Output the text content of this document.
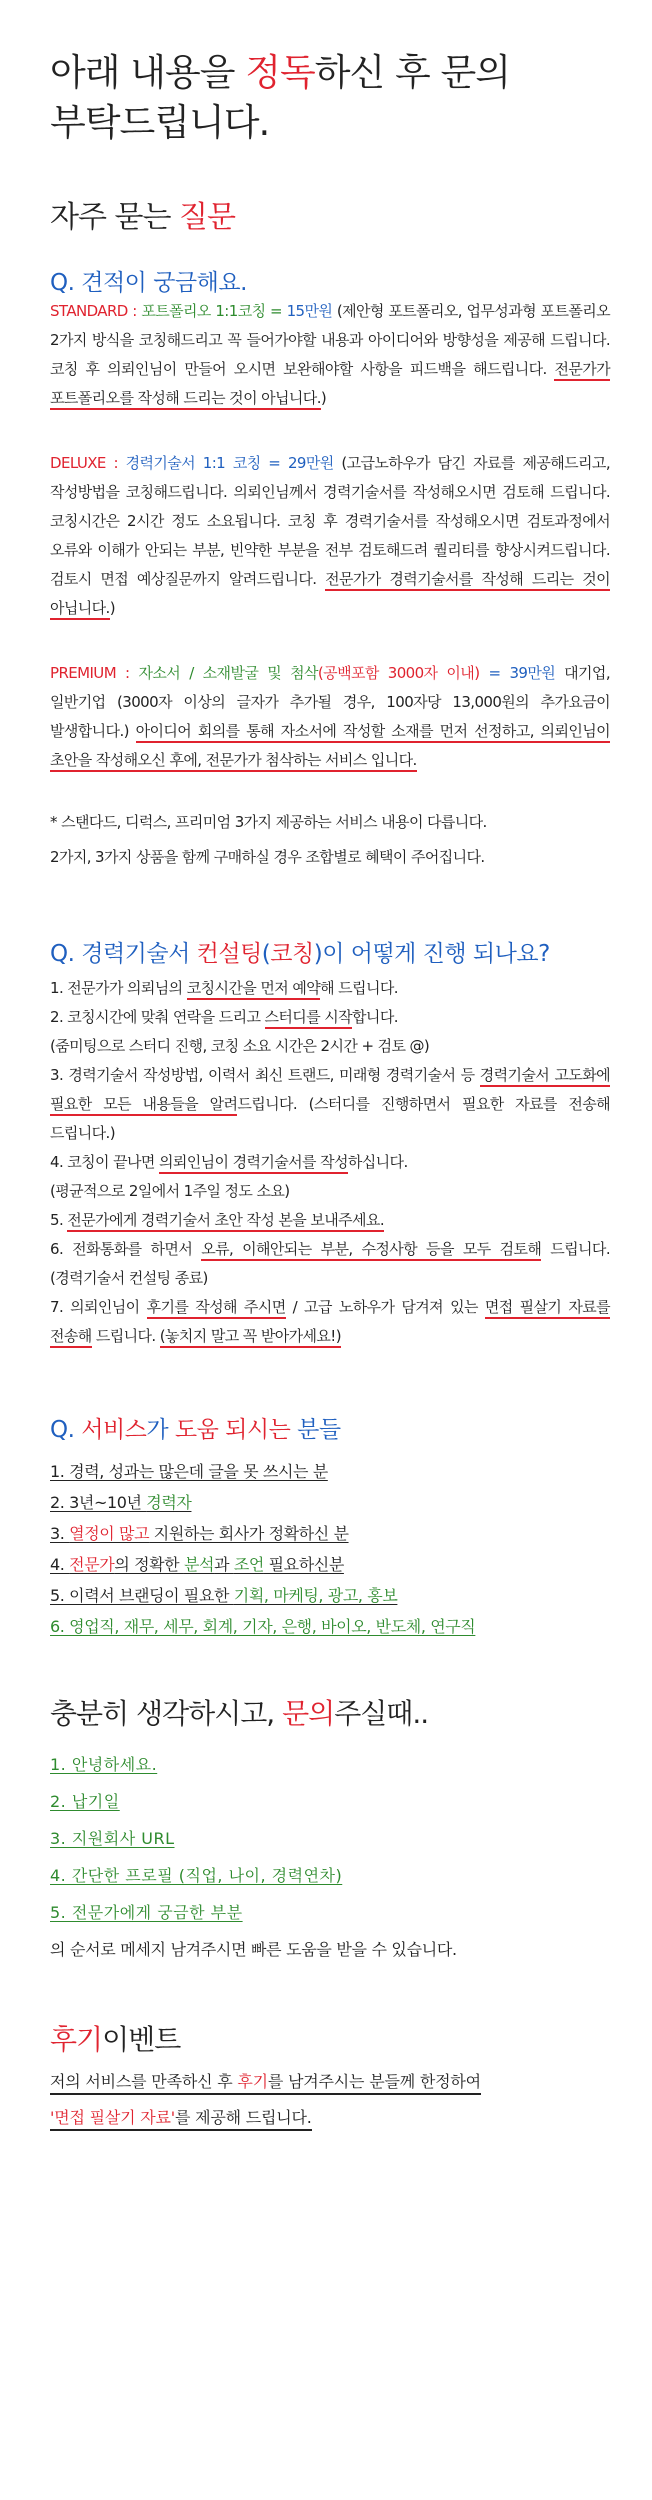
아래 내용을 정독하신 후 문의
부탁드립니다.
자주 묻는 질문
Q. 견적이 궁금해요.
STANDARD : 포트폴리오 1:1코칭 = 15만원 (제안형 포트폴리오, 업무성과형 포트폴리오 2가지 방식을 코칭해드리고 꼭 들어가야할 내용과 아이디어와 방향성을 제공해 드립니다. 코칭 후 의뢰인님이 만들어 오시면 보완해야할 사항을 피드백을 해드립니다. 전문가가 포트폴리오를 작성해 드리는 것이 아닙니다.)
DELUXE : 경력기술서 1:1 코칭 = 29만원 (고급노하우가 담긴 자료를 제공해드리고, 작성방법을 코칭해드립니다. 의뢰인님께서 경력기술서를 작성해오시면 검토해 드립니다. 코칭시간은 2시간 정도 소요됩니다. 코칭 후 경력기술서를 작성해오시면 검토과정에서 오류와 이해가 안되는 부분, 빈약한 부분을 전부 검토해드려 퀄리티를 향상시켜드립니다. 검토시 면접 예상질문까지 알려드립니다. 전문가가 경력기술서를 작성해 드리는 것이 아닙니다.)
PREMIUM : 자소서 / 소재발굴 및 첨삭(공백포함 3000자 이내) = 39만원 대기업, 일반기업 (3000자 이상의 글자가 추가될 경우, 100자당 13,000원의 추가요금이 발생합니다.) 아이디어 회의를 통해 자소서에 작성할 소재를 먼저 선정하고, 의뢰인님이 초안을 작성해오신 후에, 전문가가 첨삭하는 서비스 입니다.
* 스탠다드, 디럭스, 프리미엄 3가지 제공하는 서비스 내용이 다릅니다.
2가지, 3가지 상품을 함께 구매하실 경우 조합별로 혜택이 주어집니다.
Q. 경력기술서 컨설팅(코칭)이 어떻게 진행 되나요?
1. 전문가가 의뢰님의 코칭시간을 먼저 예약해 드립니다.
2. 코칭시간에 맞춰 연락을 드리고 스터디를 시작합니다.
(줌미팅으로 스터디 진행, 코칭 소요 시간은 2시간 + 검토 @)
3. 경력기술서 작성방법, 이력서 최신 트랜드, 미래형 경력기술서 등 경력기술서 고도화에 필요한 모든 내용들을 알려드립니다. (스터디를 진행하면서 필요한 자료를 전송해 드립니다.)
4. 코칭이 끝나면 의뢰인님이 경력기술서를 작성하십니다.
(평균적으로 2일에서 1주일 정도 소요)
5. 전문가에게 경력기술서 초안 작성 본을 보내주세요.
6. 전화통화를 하면서 오류, 이해안되는 부분, 수정사항 등을 모두 검토해 드립니다. (경력기술서 컨설팅 종료)
7. 의뢰인님이 후기를 작성해 주시면 / 고급 노하우가 담겨져 있는 면접 필살기 자료를 전송해 드립니다. (놓치지 말고 꼭 받아가세요!)
Q. 서비스가 도움 되시는 분들
1. 경력, 성과는 많은데 글을 못 쓰시는 분
2. 3년~10년 경력자
3. 열정이 많고 지원하는 회사가 정확하신 분
4. 전문가의 정확한 분석과 조언 필요하신분
5. 이력서 브랜딩이 필요한 기획, 마케팅, 광고, 홍보
6. 영업직, 재무, 세무, 회계, 기자, 은행, 바이오, 반도체, 연구직
충분히 생각하시고, 문의주실때..
1. 안녕하세요.
2. 납기일
3. 지원회사 URL
4. 간단한 프로필 (직업, 나이, 경력연차)
5. 전문가에게 궁금한 부분
의 순서로 메세지 남겨주시면 빠른 도움을 받을 수 있습니다.
후기이벤트
저의 서비스를 만족하신 후 후기를 남겨주시는 분들께 한정하여
'면접 필살기 자료'를 제공해 드립니다.
